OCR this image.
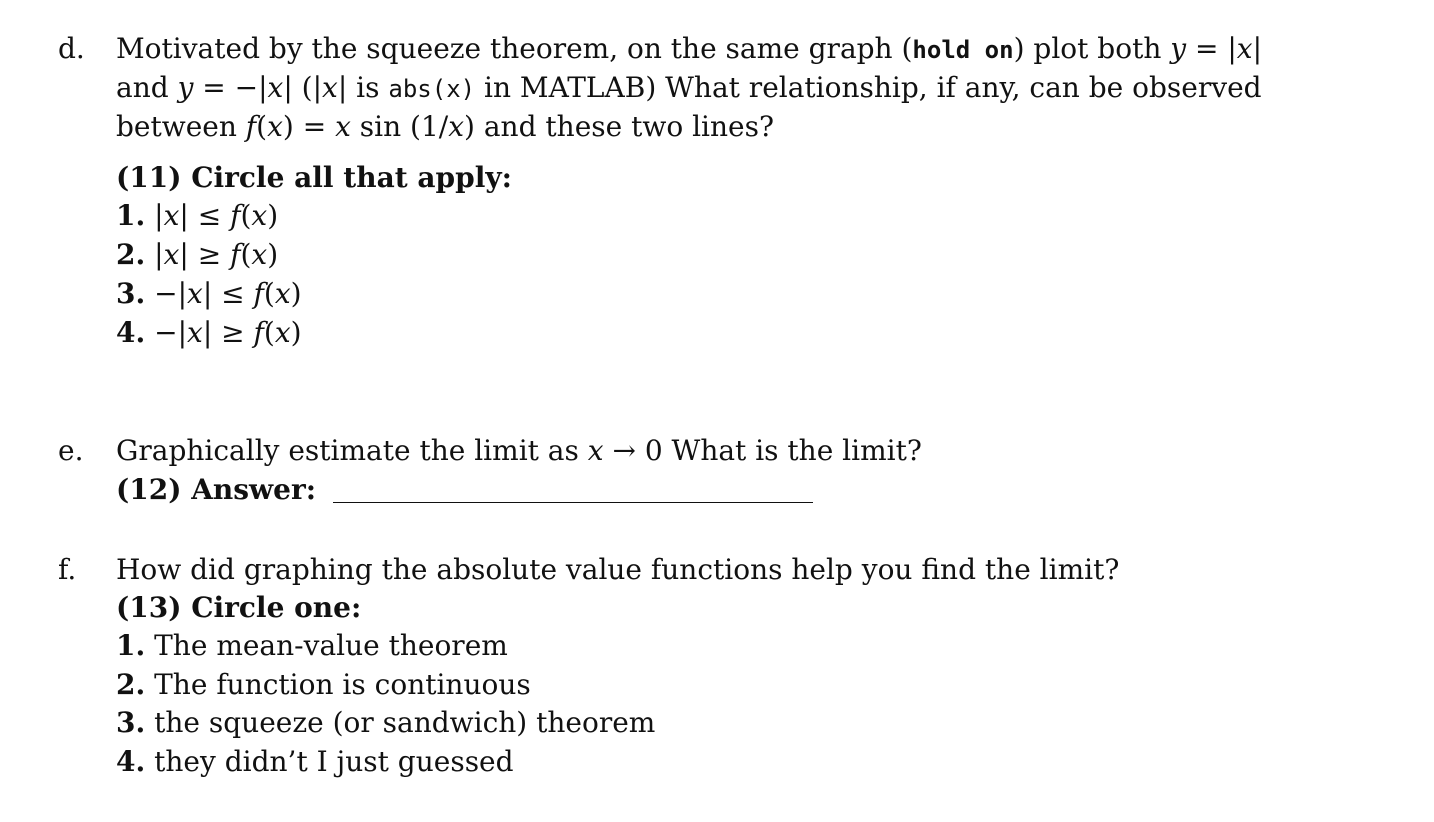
d. Motivated by the squeeze theorem, on the same graph (hold on) plot both y = |x|
and y = −|x| (|x| is abs(x) in MATLAB) What relationship, if any, can be observed
between f(x) = x sin (1/x) and these two lines?
(11) Circle all that apply:
1. |x| ≤ f(x)
2. |x| ≥ f(x)
3. −|x| ≤ f(x)
4. −|x| ≥ f(x)
e. Graphically estimate the limit as x → 0 What is the limit?
(12) Answer:
f. How did graphing the absolute value functions help you find the limit?
(13) Circle one:
1. The mean-value theorem
2. The function is continuous
3. the squeeze (or sandwich) theorem
4. they didn’t I just guessed
